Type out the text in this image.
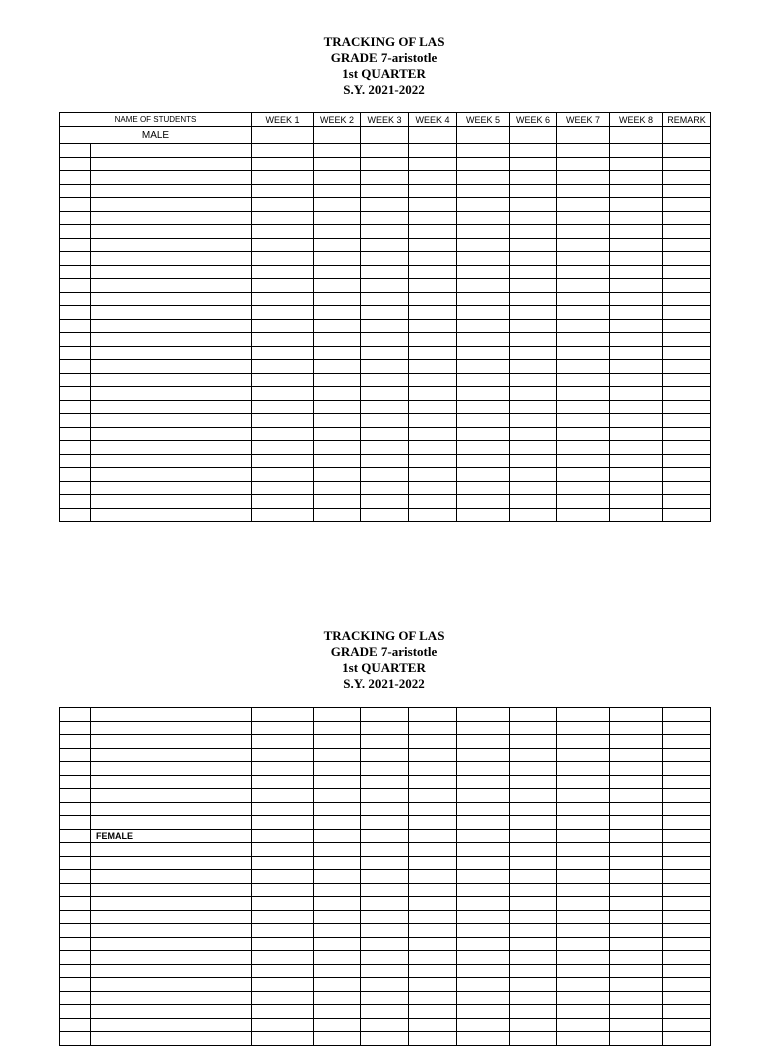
TRACKING OF LAS
GRADE 7-aristotle
1st QUARTER
S.Y. 2021-2022
NAME OF STUDENTS		WEEK 1	WEEK 2	WEEK 3	WEEK 4	WEEK 5	WEEK 6	WEEK 7	WEEK 8	REMARK
MALE										

TRACKING OF LAS
GRADE 7-aristotle
1st QUARTER
S.Y. 2021-2022

	FEMALE									
